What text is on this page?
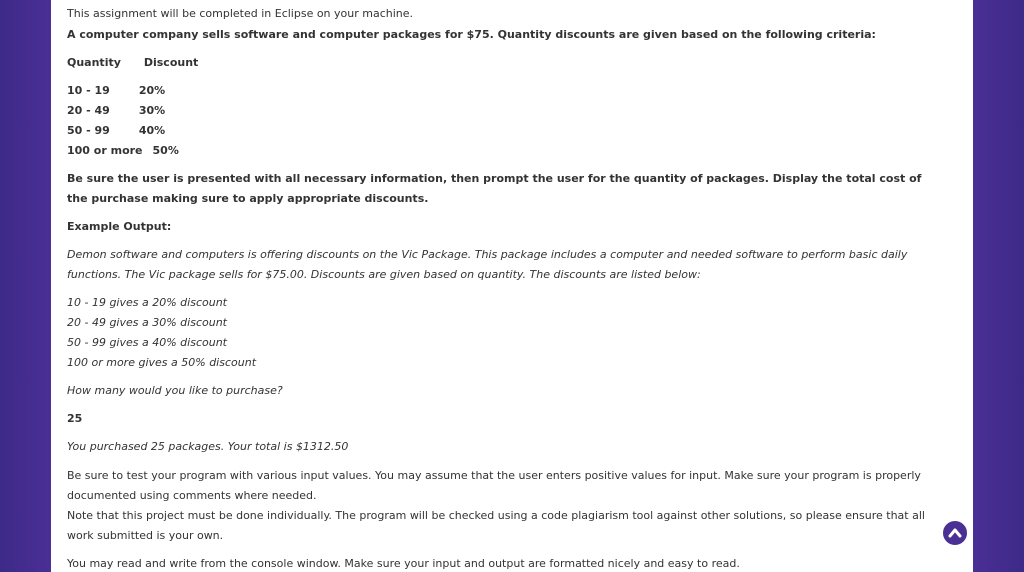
This assignment will be completed in Eclipse on your machine.
A computer company sells software and computer packages for $75. Quantity discounts are given based on the following criteria:
Quantity Discount
10 - 19	20%
20 - 49	30%
50 - 99	40%
100 or more 50%
Be sure the user is presented with all necessary information, then prompt the user for the quantity of packages. Display the total cost of the purchase making sure to apply appropriate discounts.
Example Output:
Demon software and computers is offering discounts on the Vic Package. This package includes a computer and needed software to perform basic daily functions. The Vic package sells for $75.00. Discounts are given based on quantity. The discounts are listed below:
10 - 19 gives a 20% discount
20 - 49 gives a 30% discount
50 - 99 gives a 40% discount
100 or more gives a 50% discount
How many would you like to purchase?
25
You purchased 25 packages. Your total is $1312.50
Be sure to test your program with various input values. You may assume that the user enters positive values for input. Make sure your program is properly documented using comments where needed.
Note that this project must be done individually. The program will be checked using a code plagiarism tool against other solutions, so please ensure that all work submitted is your own.
You may read and write from the console window. Make sure your input and output are formatted nicely and easy to read.
